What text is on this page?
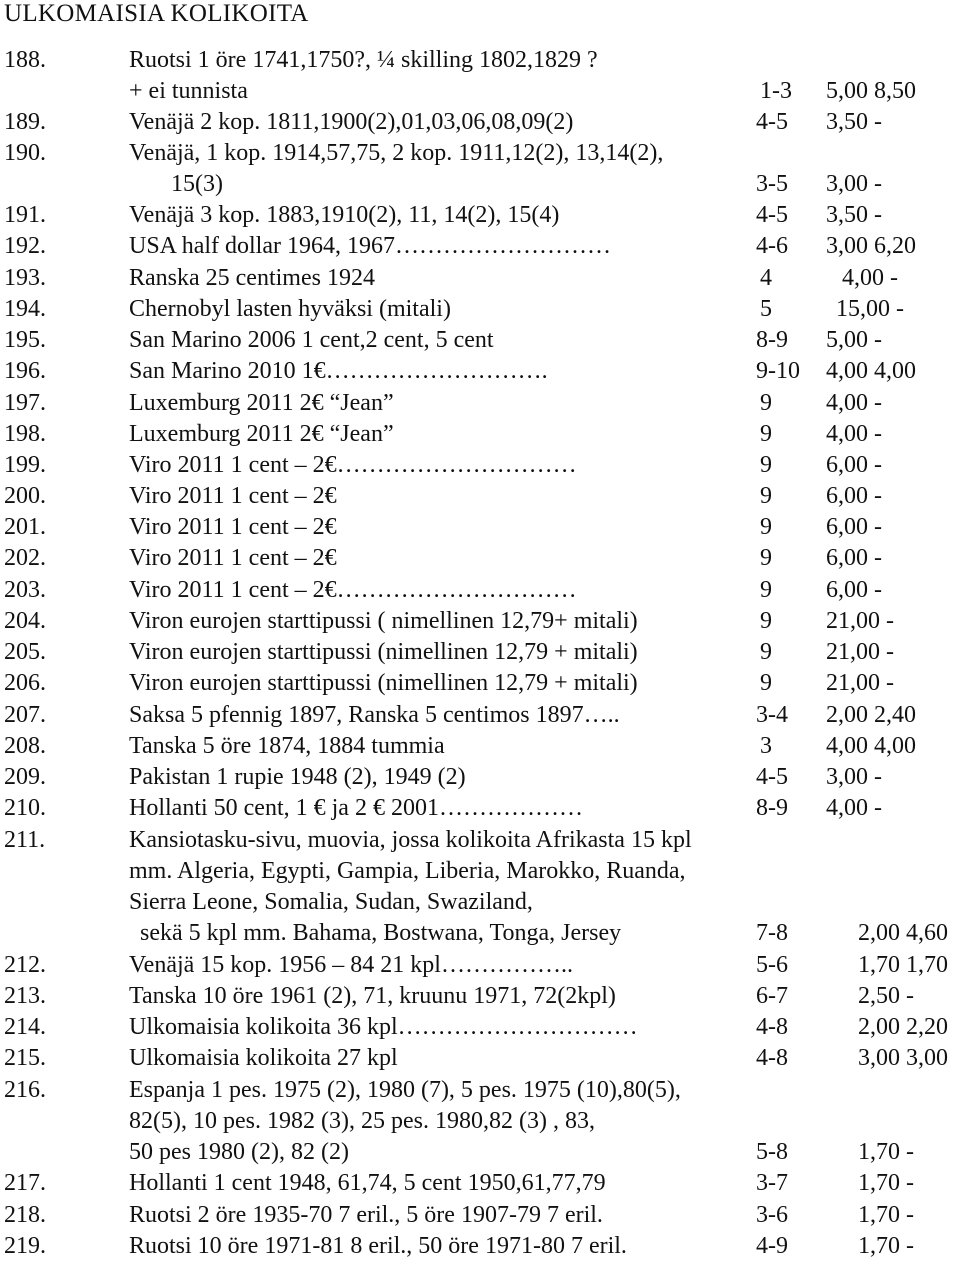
ULKOMAISIA KOLIKOITA
188.	Ruotsi 1 öre 1741,1750?, ¼ skilling 1802,1829 ?
+ ei tunnista	1-3 5,00 8,50
189.	Venäjä 2 kop. 1811,1900(2),01,03,06,08,09(2)	4-5 3,50 -
190.	Venäjä, 1 kop. 1914,57,75, 2 kop. 1911,12(2), 13,14(2),
15(3)	3-5 3,00 -
191.	Venäjä 3 kop. 1883,1910(2), 11, 14(2), 15(4)	4-5 3,50 -
192.	USA half dollar 1964, 1967………………………	4-6 3,00 6,20
193.	Ranska 25 centimes 1924	4	4,00 -
194.	Chernobyl lasten hyväksi (mitali)	5	15,00 -
195.	San Marino 2006 1 cent,2 cent, 5 cent	8-9 5,00 -
196.	San Marino 2010 1€……………………….	9-10 4,00 4,00
197.	Luxemburg 2011 2€ “Jean”	9 4,00 -
198.	Luxemburg 2011 2€ “Jean”	9 4,00 -
199.	Viro 2011 1 cent – 2€…………………………	9 6,00 -
200.	Viro 2011 1 cent – 2€	9 6,00 -
201.	Viro 2011 1 cent – 2€	9 6,00 -
202.	Viro 2011 1 cent – 2€	9 6,00 -
203.	Viro 2011 1 cent – 2€…………………………	9 6,00 -
204.	Viron eurojen starttipussi ( nimellinen 12,79+ mitali)	9 21,00 -
205.	Viron eurojen starttipussi (nimellinen 12,79 + mitali)	9 21,00 -
206.	Viron eurojen starttipussi (nimellinen 12,79 + mitali)	9 21,00 -
207.	Saksa 5 pfennig 1897, Ranska 5 centimos 1897…..	3-4 2,00 2,40
208.	Tanska 5 öre 1874, 1884 tummia	3 4,00 4,00
209.	Pakistan 1 rupie 1948 (2), 1949 (2)	4-5 3,00 -
210.	Hollanti 50 cent, 1 € ja 2 € 2001………………	8-9 4,00 -
211.	Kansiotasku-sivu, muovia, jossa kolikoita Afrikasta 15 kpl
mm. Algeria, Egypti, Gampia, Liberia, Marokko, Ruanda,
Sierra Leone, Somalia, Sudan, Swaziland,
sekä 5 kpl mm. Bahama, Bostwana, Tonga, Jersey	7-8	2,00 4,60
212.	Venäjä 15 kop. 1956 – 84 21 kpl……………..	5-6	1,70 1,70
213.	Tanska 10 öre 1961 (2), 71, kruunu 1971, 72(2kpl)	6-7	2,50 -
214.	Ulkomaisia kolikoita 36 kpl…………………………	4-8	2,00 2,20
215.	Ulkomaisia kolikoita 27 kpl	4-8	3,00 3,00
216.	Espanja 1 pes. 1975 (2), 1980 (7), 5 pes. 1975 (10),80(5),
82(5), 10 pes. 1982 (3), 25 pes. 1980,82 (3) , 83,
50 pes 1980 (2), 82 (2)	5-8	1,70 -
217.	Hollanti 1 cent 1948, 61,74, 5 cent 1950,61,77,79	3-7	1,70 -
218.	Ruotsi 2 öre 1935-70 7 eril., 5 öre 1907-79 7 eril.	3-6	1,70 -
219.	Ruotsi 10 öre 1971-81 8 eril., 50 öre 1971-80 7 eril.	4-9	1,70 -
